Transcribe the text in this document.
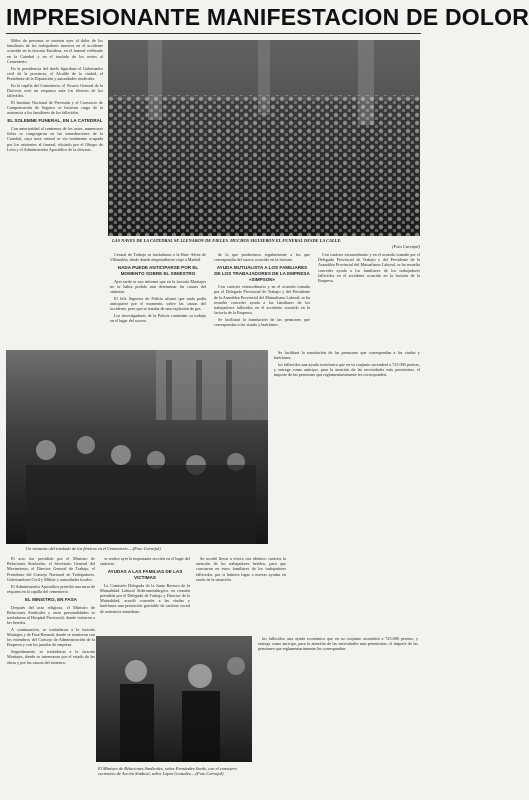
IMPRESIONANTE MANIFESTACION DE DOLOR

Miles de personas se unieron ayer al dolor de los familiares de los trabajadores muertos en el accidente ocurrido en la factoría Ensidesa, en el funeral celebrado en la Catedral y en el traslado de los restos al Cementerio.

En la presidencia del duelo figuraban el Gobernador civil de la provincia, el Alcalde de la ciudad, el Presidente de la Diputación y autoridades sindicales.

En la capilla del Cementerio, el Vicario General de la Diócesis rezó un responso ante los féretros de los fallecidos.

El Instituto Nacional de Previsión y el Consorcio de Compensación de Seguros se hicieron cargo de la asistencia a los familiares de los fallecidos.

EL SOLEMNE FUNERAL, EN LA CATEDRAL

Con anterioridad al comienzo de los actos, numerosos fieles se congregaron en las inmediaciones de la Catedral, cuya nave central se vio totalmente ocupada por los asistentes al funeral, oficiado por el Obispo de León y el Administrador Apostólico de la diócesis.

LAS NAVES DE LA CATEDRAL SE LLENARON DE FIELES. MUCHOS SIGUIERON EL FUNERAL DESDE LA CALLE.
(Foto Carvajal)

Central de Trabajo se trasladaron a la Base Aérea de Villanubla, desde donde emprendieron viaje a Madrid.

NADA PUEDE ANTICIPARSE POR EL MOMENTO SOBRE EL SINIESTRO

Ayer tarde se nos informó que en la factoría Montajes no se había podido aún determinar las causas del siniestro.

El Jefe Superior de Policía afirmó que nada podía anticiparse por el momento, sobre las causas del accidente, pero que se trataba de una explosión de gas.

Los investigadores de la Policía continúan su trabajo en el lugar del suceso.

de la que producimos regularmente a los que correspondía del suceso ocurrido en la factoría.

AYUDA MUTUALISTA A LOS FAMILIARES DE LOS TRABAJADORES DE LA EMPRESA «SIMPSON»

Con carácter extraordinario y en el acuerdo tomado por el Delegado Provincial de Trabajo y del Presidente de la Asamblea Provincial del Mutualismo Laboral, se ha resuelto conceder ayuda a los familiares de los trabajadores fallecidos en el accidente ocurrido en la factoría de la Empresa.

Se facilitará la tramitación de las pensiones que correspondan a las viudas y huérfanos.

Con carácter extraordinario y en el acuerdo tomado por el Delegado Provincial de Trabajo y del Presidente de la Asamblea Provincial del Mutualismo Laboral, se ha resuelto conceder ayuda a los familiares de los trabajadores fallecidos en el accidente ocurrido en la factoría de la Empresa.

Un momento del traslado de los féretros en el Cementerio.—(Foto Carvajal)

Se facilitará la tramitación de las pensiones que correspondan a las viudas y huérfanos.

los fallecidos una ayuda económica que en su conjunto ascenderá a 725.000 pesetas, y entrega como anticipo, para la atención de las necesidades más perentorias, el importe de las pensiones que reglamentariamente les corresponden.

El acto fue presidido por el Ministro de Relaciones Sindicales, el Secretario General del Movimiento, el Director General de Trabajo, el Presidente del Consejo Nacional de Trabajadores, Gobernadores Civil y Militar y autoridades locales.

El Administrador Apostólico presidió una misa de réquiem en la capilla del cementerio.

EL MINISTRO, EN FASA

Después del acto religioso, el Ministro de Relaciones Sindicales y otras personalidades se trasladaron al Hospital Provincial, donde visitaron a los heridos.

A continuación, se trasladaron a la factoría Montajes y de Fasa-Renault, donde se reunieron con los miembros del Consejo de Administración de la Empresa y con los jurados de empresa.

Seguidamente, se trasladaron a la factoría Montajes, donde se interesaron por el estado de las obras y por las causas del siniestro.

se realice ayer la importante sección en el lugar del siniestro.

AYUDAS A LAS FAMILIAS DE LAS VICTIMAS

La Comisión Delegada de la Junta Rectora de la Mutualidad Laboral Siderometalúrgica, en reunión presidida por el Delegado de Trabajo y Director de la Mutualidad, acordó conceder a las viudas y huérfanos una prestación graciable de carácter social de asistencia inmediata.

Se acordó llevar a efecto con idéntico carácter la atención de los trabajadores heridos, para que concurran en estos familiares de los trabajadores fallecidos, por si hubiera lugar a nuevas ayudas en razón de la situación.

El Ministro de Relaciones Sindicales, señor Fernández Sordo, con el consejero secretario de Acción Sindical, señor López Gonzalez.—(Foto Carvajal)

los fallecidos una ayuda económica que en su conjunto ascenderá a 725.000 pesetas, y entrega como anticipo, para la atención de las necesidades más perentorias, el importe de las pensiones que reglamentariamente les corresponden.
